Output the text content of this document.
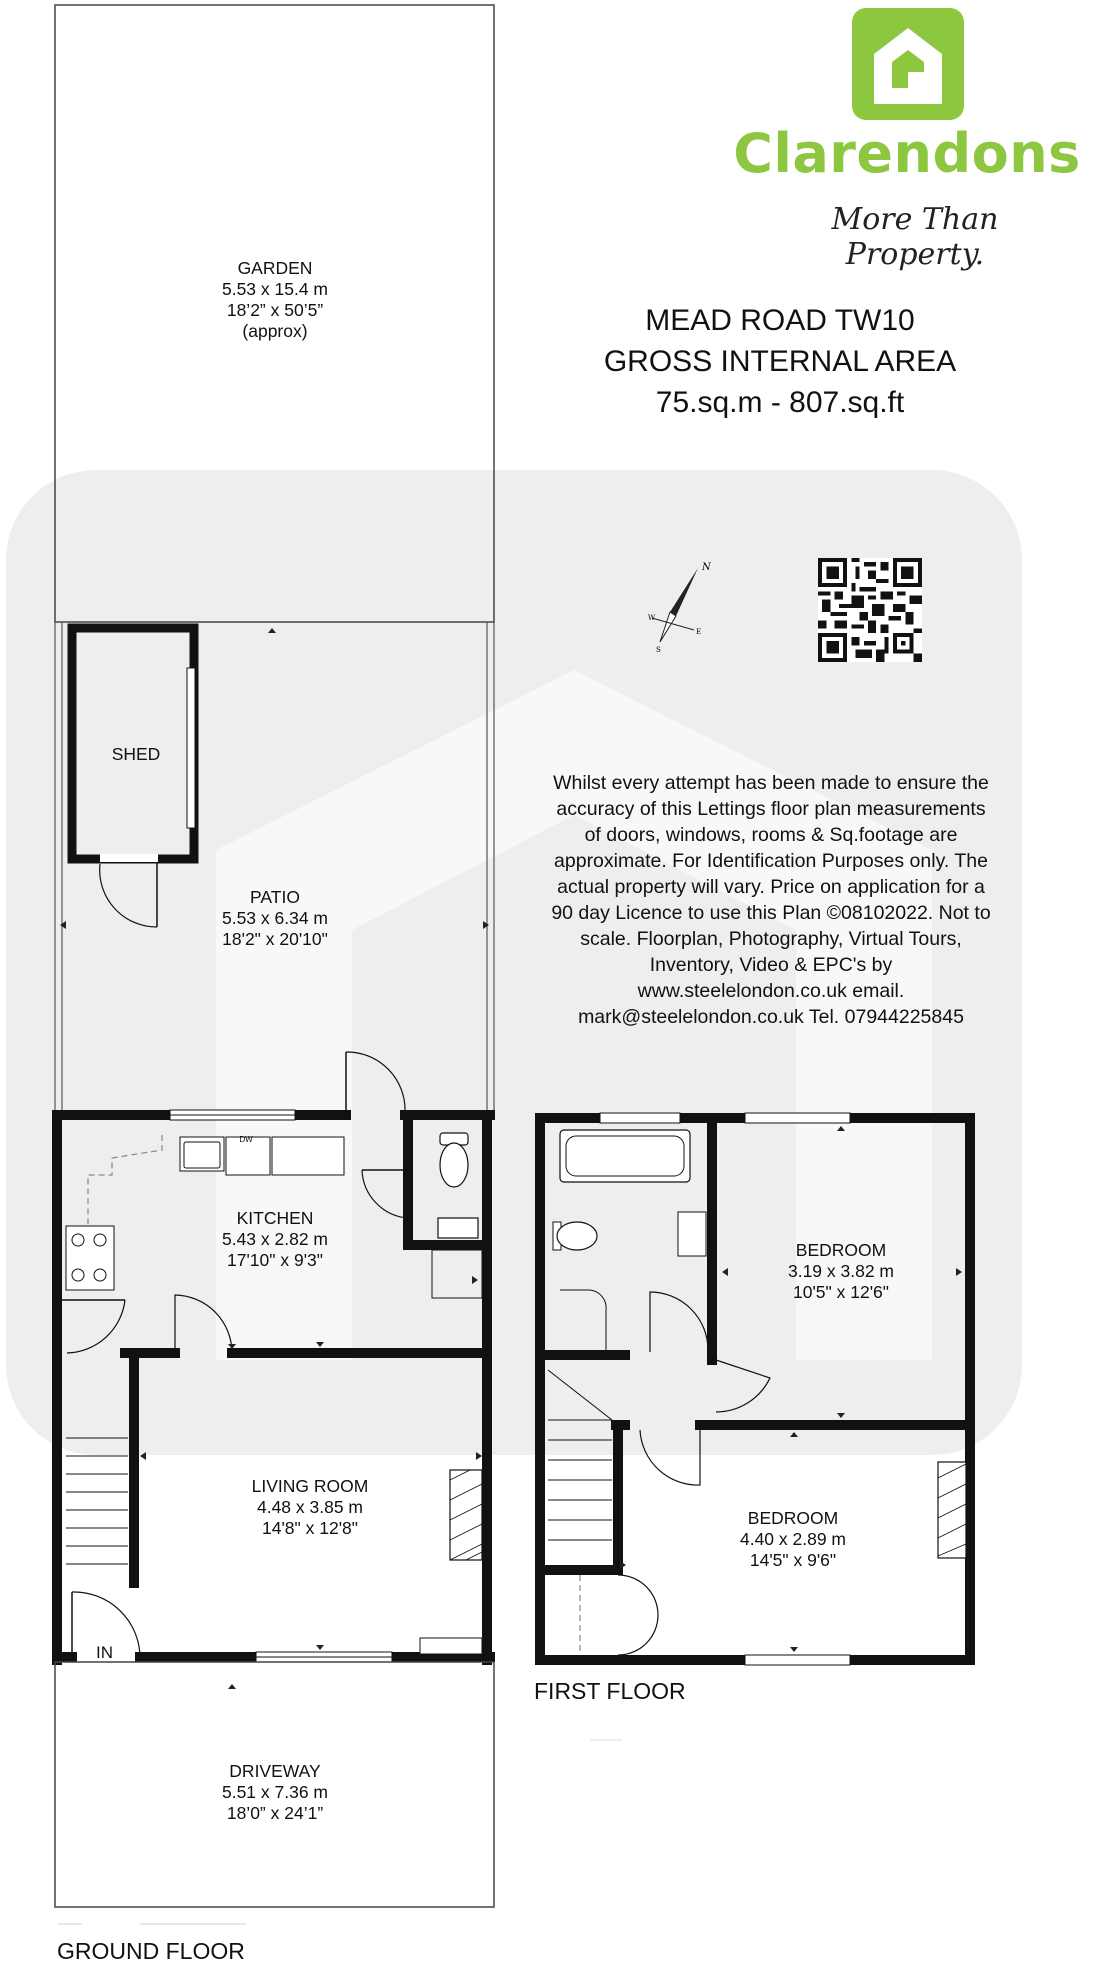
Clarendons
More Than Property.
MEAD ROAD TW10
GROSS INTERNAL AREA
75.sq.m - 807.sq.ft
N
W
E
S
Whilst every attempt has been made to ensure the
accuracy of this Lettings floor plan measurements
of doors, windows, rooms & Sq.footage are
approximate. For Identification Purposes only. The
actual property will vary. Price on application for a
90 day Licence to use this Plan ©08102022. Not to
scale. Floorplan, Photography, Virtual Tours,
Inventory, Video & EPC's by
www.steelelondon.co.uk email.
mark@steelelondon.co.uk Tel. 07944225845
GARDEN
5.53 x 15.4 m
18’2” x 50’5”
(approx)
SHED
PATIO
5.53 x 6.34 m
18'2" x 20'10"
DW
KITCHEN
5.43 x 2.82 m
17'10" x 9'3"
LIVING ROOM
4.48 x 3.85 m
14'8" x 12'8"
IN
DRIVEWAY
5.51 x 7.36 m
18’0” x 24’1”
BEDROOM
3.19 x 3.82 m
10'5" x 12'6"
BEDROOM
4.40 x 2.89 m
14'5" x 9'6"
FIRST FLOOR
GROUND FLOOR
